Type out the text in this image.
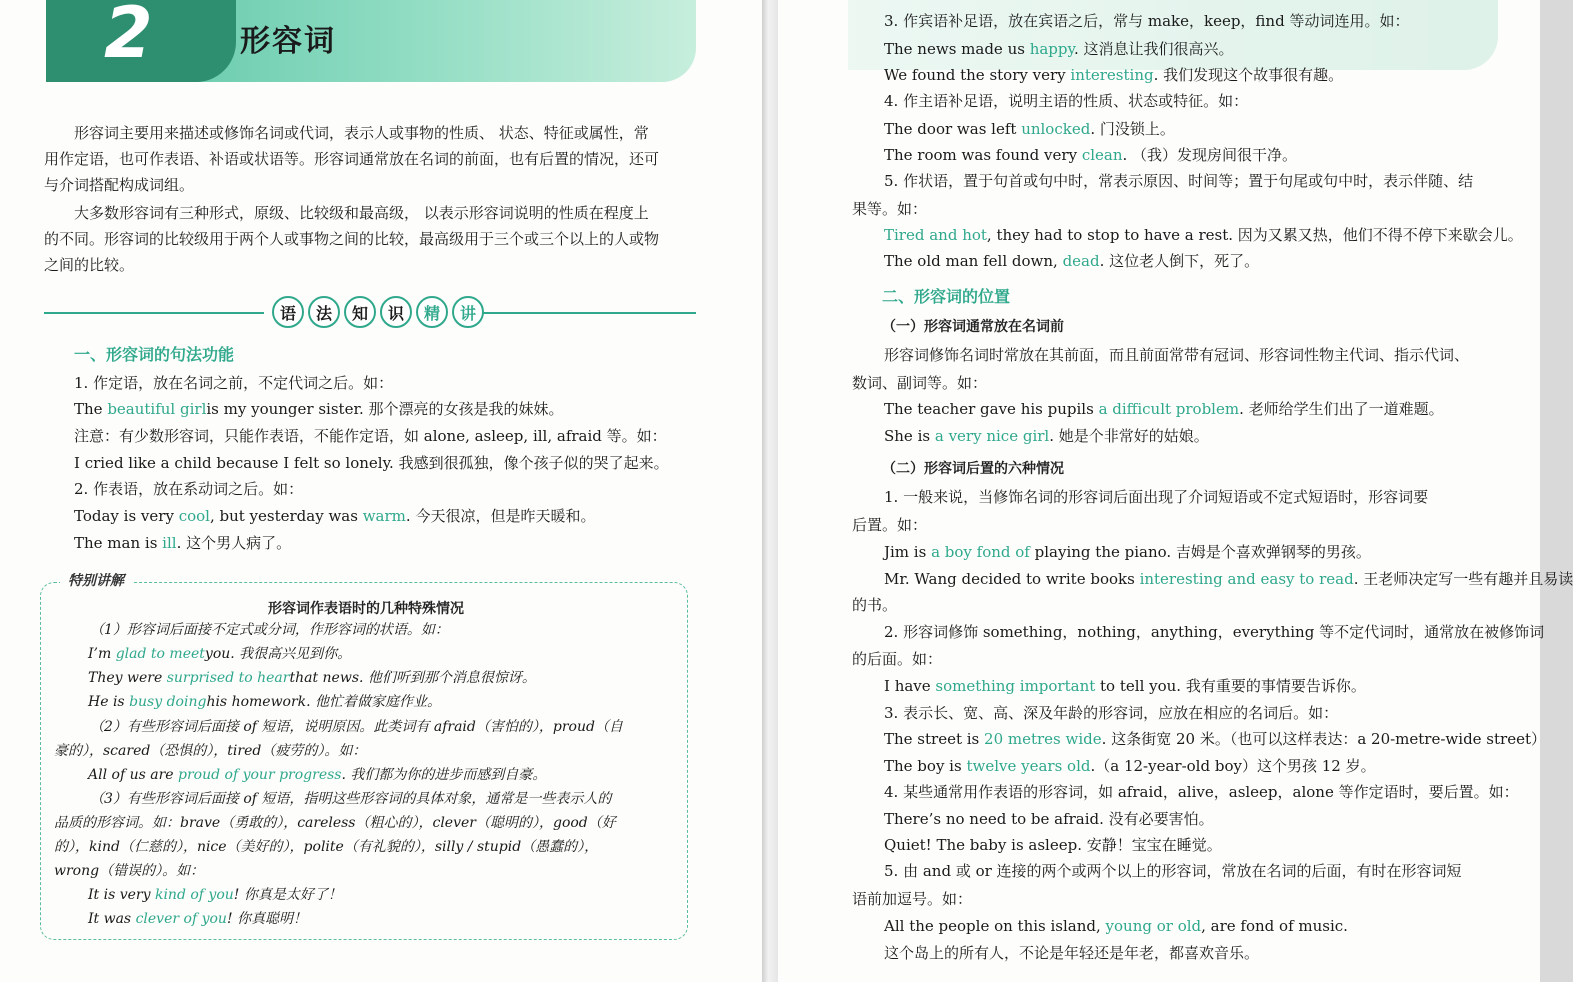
2	形容词
形容词主要用来描述或修饰名词或代词，表示人或事物的性质、 状态、特征或属性，常
用作定语，也可作表语、补语或状语等。形容词通常放在名词的前面，也有后置的情况，还可
与介词搭配构成词组。
大多数形容词有三种形式，原级、比较级和最高级， 以表示形容词说明的性质在程度上
的不同。形容词的比较级用于两个人或事物之间的比较，最高级用于三个或三个以上的人或物
之间的比较。
语	法	知	识	精	讲
一、形容词的句法功能
1. 作定语，放在名词之前，不定代词之后。如：
The beautiful girlis my younger sister. 那个漂亮的女孩是我的妹妹。
注意：有少数形容词，只能作表语，不能作定语，如 alone, asleep, ill, afraid 等。如：
I cried like a child because I felt so lonely. 我感到很孤独，像个孩子似的哭了起来。
2. 作表语，放在系动词之后。如：
Today is very cool, but yesterday was warm. 今天很凉，但是昨天暖和。
The man is ill. 这个男人病了。
特别讲解
形容词作表语时的几种特殊情况
（1）形容词后面接不定式或分词，作形容词的状语。如：
I’m glad to meetyou. 我很高兴见到你。
They were surprised to hearthat news. 他们听到那个消息很惊讶。
He is busy doinghis homework. 他忙着做家庭作业。
（2）有些形容词后面接 of 短语，说明原因。此类词有 afraid（害怕的），proud（自
豪的），scared（恐惧的），tired（疲劳的）。如：
All of us are proud of your progress. 我们都为你的进步而感到自豪。
（3）有些形容词后面接 of 短语，指明这些形容词的具体对象，通常是一些表示人的
品质的形容词。如：brave（勇敢的），careless（粗心的），clever（聪明的），good（好
的），kind（仁慈的），nice（美好的），polite（有礼貌的），silly / stupid（愚蠢的），
wrong（错误的）。如：
It is very kind of you! 你真是太好了！
It was clever of you! 你真聪明！
3. 作宾语补足语，放在宾语之后，常与 make，keep，find 等动词连用。如：
The news made us happy. 这消息让我们很高兴。
We found the story very interesting. 我们发现这个故事很有趣。
4. 作主语补足语，说明主语的性质、状态或特征。如：
The door was left unlocked. 门没锁上。
The room was found very clean. （我）发现房间很干净。
5. 作状语，置于句首或句中时，常表示原因、时间等；置于句尾或句中时，表示伴随、结
果等。如：
Tired and hot, they had to stop to have a rest. 因为又累又热，他们不得不停下来歇会儿。
The old man fell down, dead. 这位老人倒下，死了。
二、形容词的位置
（一）形容词通常放在名词前
形容词修饰名词时常放在其前面，而且前面常带有冠词、形容词性物主代词、指示代词、
数词、副词等。如：
The teacher gave his pupils a difficult problem. 老师给学生们出了一道难题。
She is a very nice girl. 她是个非常好的姑娘。
（二）形容词后置的六种情况
1. 一般来说，当修饰名词的形容词后面出现了介词短语或不定式短语时，形容词要
后置。如：
Jim is a boy fond of playing the piano. 吉姆是个喜欢弹钢琴的男孩。
Mr. Wang decided to write books interesting and easy to read. 王老师决定写一些有趣并且易读
的书。
2. 形容词修饰 something，nothing，anything，everything 等不定代词时，通常放在被修饰词
的后面。如：
I have something important to tell you. 我有重要的事情要告诉你。
3. 表示长、宽、高、深及年龄的形容词，应放在相应的名词后。如：
The street is 20 metres wide. 这条街宽 20 米。（也可以这样表达：a 20-metre-wide street）
The boy is twelve years old.（a 12-year-old boy）这个男孩 12 岁。
4. 某些通常用作表语的形容词，如 afraid，alive，asleep，alone 等作定语时，要后置。如：
There’s no need to be afraid. 没有必要害怕。
Quiet! The baby is asleep. 安静！宝宝在睡觉。
5. 由 and 或 or 连接的两个或两个以上的形容词，常放在名词的后面，有时在形容词短
语前加逗号。如：
All the people on this island, young or old, are fond of music.
这个岛上的所有人，不论是年轻还是年老，都喜欢音乐。
